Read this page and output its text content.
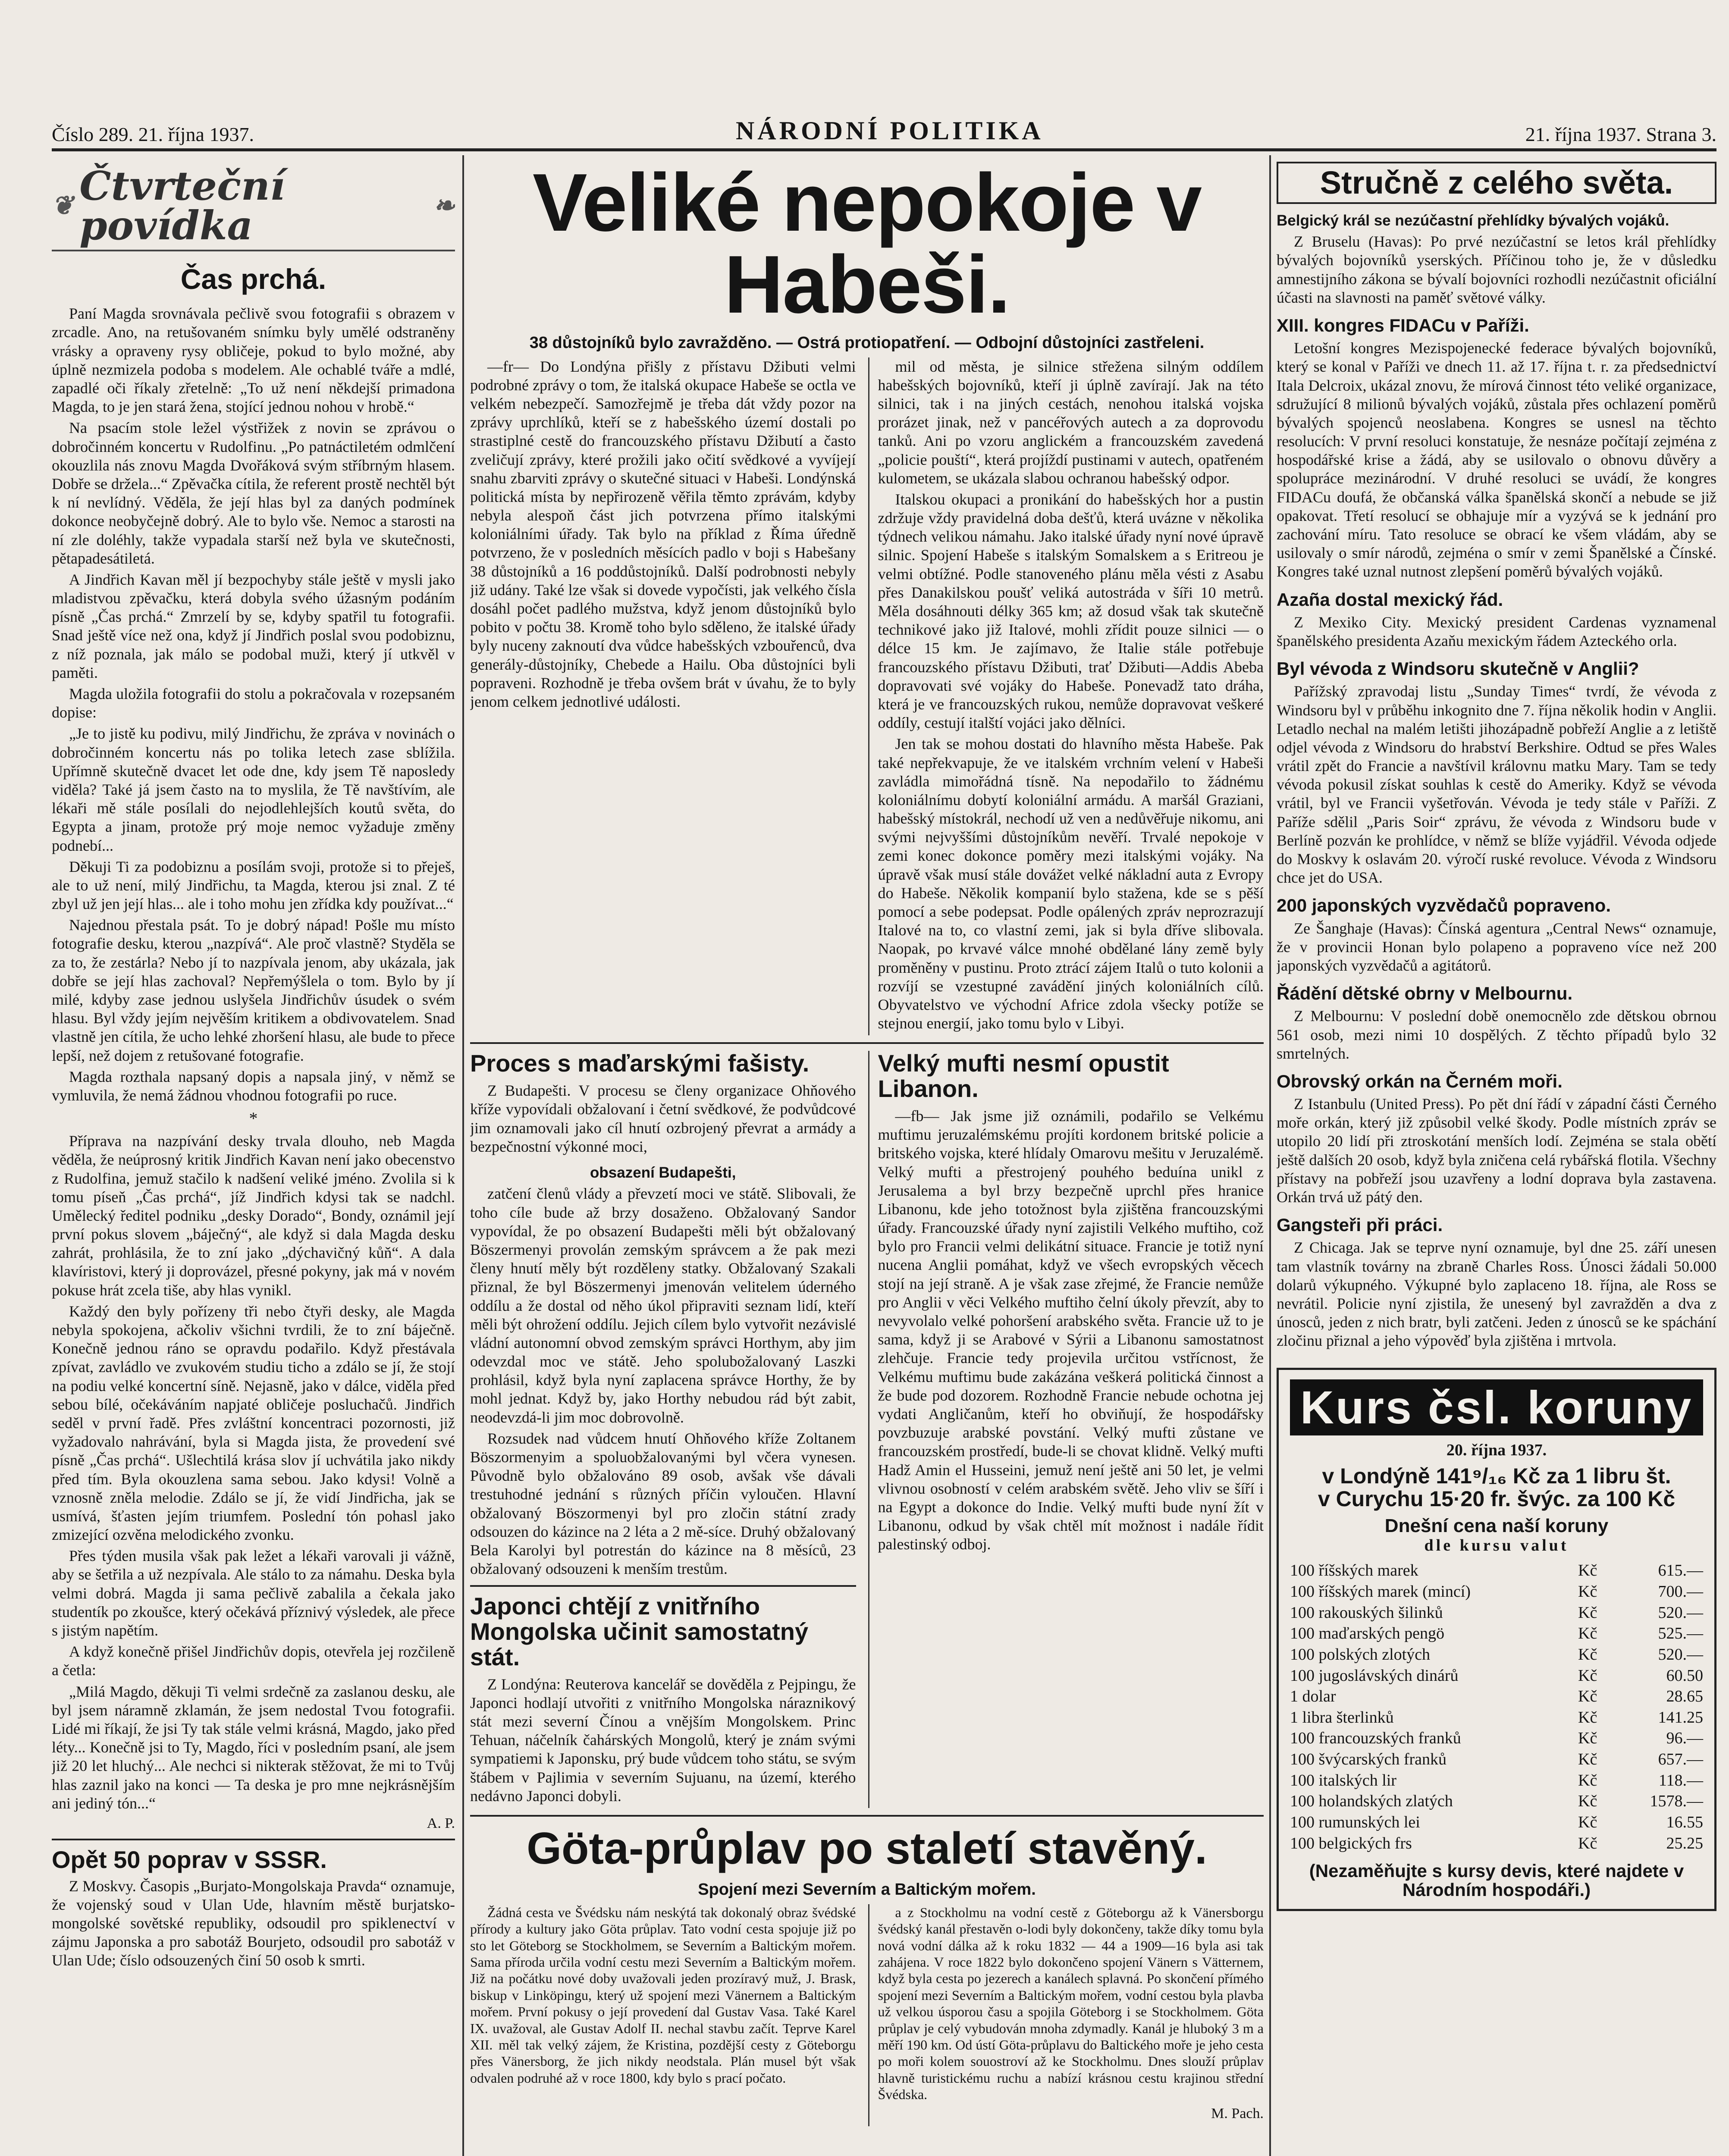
Číslo 289. 21. října 1937.	NÁRODNÍ POLITIKA	21. října 1937. Strana 3.
❦ Čtvrteční povídka	❧
Čas prchá.

Paní Magda srovnávala pečlivě svou fotografii s obrazem v zrcadle. Ano, na retušovaném snímku byly umělé odstraněny vrásky a opraveny rysy obličeje, pokud to bylo možné, aby úplně nezmizela podoba s modelem. Ale ochablé tváře a mdlé, zapadlé oči říkaly zřetelně: „To už není někdejší primadona Magda, to je jen stará žena, stojící jednou nohou v hrobě.“

Na psacím stole ležel výstřižek z novin se zprávou o dobročinném koncertu v Rudolfinu. „Po patnáctiletém odmlčení okouzlila nás znovu Magda Dvořáková svým stříbrným hlasem. Dobře se držela...“ Zpěvačka cítila, že referent prostě nechtěl být k ní nevlídný. Věděla, že její hlas byl za daných podmínek dokonce neobyčejně dobrý. Ale to bylo vše. Nemoc a starosti na ní zle doléhly, takže vypadala starší než byla ve skutečnosti, pětapadesátiletá.

A Jindřich Kavan měl jí bezpochyby stále ještě v mysli jako mladistvou zpěvačku, která dobyla svého úžasným podáním písně „Čas prchá.“ Zmrzelí by se, kdyby spatřil tu fotografii. Snad ještě více než ona, když jí Jindřich poslal svou podobiznu, z níž poznala, jak málo se podobal muži, který jí utkvěl v paměti.

Magda uložila fotografii do stolu a pokračovala v rozepsaném dopise:

„Je to jistě ku podivu, milý Jindřichu, že zpráva v novinách o dobročinném koncertu nás po tolika letech zase sblížila. Upřímně skutečně dvacet let ode dne, kdy jsem Tě naposledy viděla? Také já jsem často na to myslila, že Tě navštívím, ale lékaři mě stále posílali do nejodlehlejších koutů světa, do Egypta a jinam, protože prý moje nemoc vyžaduje změny podnebí...

Děkuji Ti za podobiznu a posílám svoji, protože si to přeješ, ale to už není, milý Jindřichu, ta Magda, kterou jsi znal. Z té zbyl už jen její hlas... ale i toho mohu jen zřídka kdy používat...“

Najednou přestala psát. To je dobrý nápad! Pošle mu místo fotografie desku, kterou „nazpívá“. Ale proč vlastně? Styděla se za to, že zestárla? Nebo jí to nazpívala jenom, aby ukázala, jak dobře se její hlas zachoval? Nepřemýšlela o tom. Bylo by jí milé, kdyby zase jednou uslyšela Jindřichův úsudek o svém hlasu. Byl vždy jejím nejvěším kritikem a obdivovatelem. Snad vlastně jen cítila, že ucho lehké zhoršení hlasu, ale bude to přece lepší, než dojem z retušované fotografie.

Magda rozthala napsaný dopis a napsala jiný, v němž se vymluvila, že nemá žádnou vhodnou fotografii po ruce.

*

Příprava na nazpívání desky trvala dlouho, neb Magda věděla, že neúprosný kritik Jindřich Kavan není jako obecenstvo z Rudolfina, jemuž stačilo k nadšení veliké jméno. Zvolila si k tomu píseň „Čas prchá“, jíž Jindřich kdysi tak se nadchl. Umělecký ředitel podniku „desky Dorado“, Bondy, oznámil její první pokus slovem „báječný“, ale když si dala Magda desku zahrát, prohlásila, že to zní jako „dýchavičný kůň“. A dala klavíristovi, který ji doprovázel, přesné pokyny, jak má v novém pokuse hrát zcela tiše, aby hlas vynikl.

Každý den byly pořízeny tři nebo čtyři desky, ale Magda nebyla spokojena, ačkoliv všichni tvrdili, že to zní báječně. Konečně jednou ráno se opravdu podařilo. Když přestávala zpívat, zavládlo ve zvukovém studiu ticho a zdálo se jí, že stojí na podiu velké koncertní síně. Nejasně, jako v dálce, viděla před sebou bílé, očekáváním napjaté obličeje posluchačů. Jindřich seděl v první řadě. Přes zvláštní koncentraci pozornosti, již vyžadovalo nahrávání, byla si Magda jista, že provedení své písně „Čas prchá“. Ušlechtilá krása slov jí uchvátila jako nikdy před tím. Byla okouzlena sama sebou. Jako kdysi! Volně a vznosně zněla melodie. Zdálo se jí, že vidí Jindřicha, jak se usmívá, šťasten jejím triumfem. Poslední tón pohasl jako zmizející ozvěna melodického zvonku.

Přes týden musila však pak ležet a lékaři varovali ji vážně, aby se šetřila a už nezpívala. Ale stálo to za námahu. Deska byla velmi dobrá. Magda ji sama pečlivě zabalila a čekala jako studentík po zkoušce, který očekává příznivý výsledek, ale přece s jistým napětím.

A když konečně přišel Jindřichův dopis, otevřela jej rozčileně a četla:

„Milá Magdo, děkuji Ti velmi srdečně za zaslanou desku, ale byl jsem náramně zklamán, že jsem nedostal Tvou fotografii. Lidé mi říkají, že jsi Ty tak stále velmi krásná, Magdo, jako před léty... Konečně jsi to Ty, Magdo, říci v posledním psaní, ale jsem již 20 let hluchý... Ale nechci si nikterak stěžovat, že mi to Tvůj hlas zaznil jako na konci — Ta deska je pro mne nejkrásnějším ani jediný tón...“

A. P.
Opět 50 poprav v SSSR.

Z Moskvy. Časopis „Burjato-Mongolskaja Pravda“ oznamuje, že vojenský soud v Ulan Ude, hlavním městě burjatsko-mongolské sovětské republiky, odsoudil pro spiklenectví v zájmu Japonska a pro sabotáž Bourjeto, odsoudil pro sabotáž v Ulan Ude; číslo odsouzených činí 50 osob k smrti.

Veliké nepokoje v Habeši.
38 důstojníků bylo zavražděno. — Ostrá protiopatření. — Odbojní důstojníci zastřeleni.

—fr— Do Londýna přišly z přístavu Džibuti velmi podrobné zprávy o tom, že italská okupace Habeše se octla ve velkém nebezpečí. Samozřejmě je třeba dát vždy pozor na zprávy uprchlíků, kteří se z habešského území dostali po strastiplné cestě do francouzského přístavu Džibutí a často zveličují zprávy, které prožili jako očití svědkové a vyvíjejí snahu zbarviti zprávy o skutečné situaci v Habeši. Londýnská politická místa by nepřirozeně věřila těmto zprávám, kdyby nebyla alespoň část jich potvrzena přímo italskými koloniálními úřady. Tak bylo na příklad z Říma úředně potvrzeno, že v posledních měsících padlo v boji s Habešany 38 důstojníků a 16 poddůstojníků. Další podrobnosti nebyly již udány. Také lze však si dovede vypočísti, jak velkého čísla dosáhl počet padlého mužstva, když jenom důstojníků bylo pobito v počtu 38. Kromě toho bylo sděleno, že italské úřady byly nuceny zaknoutí dva vůdce habešských vzbouřenců, dva generály-důstojníky, Chebede a Hailu. Oba důstojníci byli popraveni. Rozhodně je třeba ovšem brát v úvahu, že to byly jenom celkem jednotlivé události.

mil od města, je silnice střežena silným oddílem habešských bojovníků, kteří ji úplně zavírají. Jak na této silnici, tak i na jiných cestách, nenohou italská vojska prorázet jinak, než v pancéřových autech a za doprovodu tanků. Ani po vzoru anglickém a francouzském zavedená „policie pouští“, která projíždí pustinami v autech, opatřeném kulometem, se ukázala slabou ochranou habešský odpor.

Italskou okupaci a pronikání do habešských hor a pustin zdržuje vždy pravidelná doba dešťů, která uvázne v několika týdnech velikou námahu. Jako italské úřady nyní nové úpravě silnic. Spojení Habeše s italským Somalskem a s Eritreou je velmi obtížné. Podle stanoveného plánu měla vésti z Asabu přes Danakilskou poušť veliká autostráda v šíři 10 metrů. Měla dosáhnouti délky 365 km; až dosud však tak skutečně technikové jako již Italové, mohli zřídit pouze silnici — o délce 15 km. Je zajímavo, že Italie stále potřebuje francouzského přístavu Džibuti, trať Džibuti—Addis Abeba dopravovati své vojáky do Habeše. Ponevadž tato dráha, která je ve francouzských rukou, nemůže dopravovat veškeré oddíly, cestují italští vojáci jako dělníci.

Jen tak se mohou dostati do hlavního města Habeše. Pak také nepřekvapuje, že ve italském vrchním velení v Habeši zavládla mimořádná tísně. Na nepodařilo to žádnému koloniálnímu dobytí koloniální armádu. A maršál Graziani, habešský místokrál, nechodí už ven a nedůvěřuje nikomu, ani svými nejvyššími důstojníkům nevěří. Trvalé nepokoje v zemi konec dokonce poměry mezi italskými vojáky. Na úpravě však musí stále dovážet velké nákladní auta z Evropy do Habeše. Několik kompanií bylo stažena, kde se s pěší pomocí a sebe podepsat. Podle opálených zpráv neprozrazují Italové na to, co vlastní zemi, jak si byla dříve slibovala. Naopak, po krvavé válce mnohé obdělané lány země byly proměněny v pustinu. Proto ztrácí zájem Italů o tuto kolonii a rozvíjí se vzestupné zavádění jiných koloniálních cílů. Obyvatelstvo ve východní Africe zdola všecky potíže se stejnou energií, jako tomu bylo v Libyi.

Proces s maďarskými fašisty.

Z Budapešti. V procesu se členy organizace Ohňového kříže vypovídali obžalovaní i četní svědkové, že podvůdcové jim oznamovali jako cíl hnutí ozbrojený převrat a armády a bezpečnostní výkonné moci,

obsazení Budapešti,

zatčení členů vlády a převzetí moci ve státě. Slibovali, že toho cíle bude až brzy dosaženo. Obžalovaný Sandor vypovídal, že po obsazení Budapešti měli být obžalovaný Böszermenyi provolán zemským správcem a že pak mezi členy hnutí měly být rozděleny statky. Obžalovaný Szakali přiznal, že byl Böszermenyi jmenován velitelem úderného oddílu a že dostal od něho úkol připraviti seznam lidí, kteří měli být ohrožení oddílu. Jejich cílem bylo vytvořit nezávislé vládní autonomní obvod zemským správci Horthym, aby jim odevzdal moc ve státě. Jeho spolubožalovaný Laszki prohlásil, když byla nyní zaplacena správce Horthy, že by mohl jednat. Když by, jako Horthy nebudou rád být zabit, neodevzdá-li jim moc dobrovolně.

Rozsudek nad vůdcem hnutí Ohňového kříže Zoltanem Böszormenyim a spoluobžalovanými byl včera vynesen. Původně bylo obžalováno 89 osob, avšak vše dávali trestuhodné jednání s různých příčin vyloučen. Hlavní obžalovaný Böszormenyi byl pro zločin státní zrady odsouzen do kázince na 2 léta a 2 mě-síce. Druhý obžalovaný Bela Karolyi byl potrestán do kázince na 8 měsíců, 23 obžalovaný odsouzeni k menším trestům.

Japonci chtějí z vnitřního Mongolska učinit samostatný stát.

Z Londýna: Reuterova kancelář se dověděla z Pejpingu, že Japonci hodlají utvořiti z vnitřního Mongolska náraznikový stát mezi severní Čínou a vnějším Mongolskem. Princ Tehuan, náčelník čahárských Mongolů, který je znám svými sympatiemi k Japonsku, prý bude vůdcem toho státu, se svým štábem v Pajlimia v severním Sujuanu, na území, kterého nedávno Japonci dobyli.

Velký mufti nesmí opustit Libanon.

—fb— Jak jsme již oznámili, podařilo se Velkému muftimu jeruzalémskému projíti kordonem britské policie a britského vojska, které hlídaly Omarovu mešitu v Jeruzalémě. Velký mufti a přestrojený pouhého beduína unikl z Jerusalema a byl brzy bezpečně uprchl přes hranice Libanonu, kde jeho totožnost byla zjištěna francouzskými úřady. Francouzské úřady nyní zajistili Velkého muftiho, což bylo pro Francii velmi delikátní situace. Francie je totiž nyní nucena Anglii pomáhat, když ve všech evropských věcech stojí na její straně. A je však zase zřejmé, že Francie nemůže pro Anglii v věci Velkého muftiho čelní úkoly převzít, aby to nevyvolalo velké pohoršení arabského světa. Francie už to je sama, když ji se Arabové v Sýrii a Libanonu samostatnost zlehčuje. Francie tedy projevila určitou vstřícnost, že Velkému muftimu bude zakázána veškerá politická činnost a že bude pod dozorem. Rozhodně Francie nebude ochotna jej vydati Angličanům, kteří ho obviňují, že hospodářsky povzbuzuje arabské povstání. Velký mufti zůstane ve francouzském prostředí, bude-li se chovat klidně. Velký mufti Hadž Amin el Husseini, jemuž není ještě ani 50 let, je velmi vlivnou osobností v celém arabském světě. Jeho vliv se šíří i na Egypt a dokonce do Indie. Velký mufti bude nyní žít v Libanonu, odkud by však chtěl mít možnost i nadále řídit palestinský odboj.

Göta-průplav po staletí stavěný.
Spojení mezi Severním a Baltickým mořem.

Žádná cesta ve Švédsku nám neskýtá tak dokonalý obraz švédské přírody a kultury jako Göta průplav. Tato vodní cesta spojuje již po sto let Göteborg se Stockholmem, se Severním a Baltickým mořem. Sama příroda určila vodní cestu mezi Severním a Baltickým mořem. Již na počátku nové doby uvažovali jeden prozíravý muž, J. Brask, biskup v Linköpingu, který už spojení mezi Vänernem a Baltickým mořem. První pokusy o její provedení dal Gustav Vasa. Také Karel IX. uvažoval, ale Gustav Adolf II. nechal stavbu začít. Teprve Karel XII. měl tak velký zájem, že Kristina, pozdější cesty z Göteborgu přes Vänersborg, že jich nikdy neodstala. Plán musel být však odvalen podruhé až v roce 1800, kdy bylo s prací počato.

a z Stockholmu na vodní cestě z Göteborgu až k Vänersborgu švédský kanál přestavěn o-lodi byly dokončeny, takže díky tomu byla nová vodní dálka až k roku 1832 — 44 a 1909—16 byla asi tak zahájena. V roce 1822 bylo dokončeno spojení Vänern s Vätternem, když byla cesta po jezerech a kanálech splavná. Po skončení přímého spojení mezi Severním a Baltickým mořem, vodní cestou byla plavba už velkou úsporou času a spojila Göteborg i se Stockholmem. Göta průplav je celý vybudován mnoha zdymadly. Kanál je hluboký 3 m a měří 190 km. Od ústí Göta-průplavu do Baltického moře je jeho cesta po moři kolem souostroví až ke Stockholmu. Dnes slouží průplav hlavně turistickému ruchu a nabízí krásnou cestu krajinou střední Švédska.

M. Pach.
Stručně z celého světa.
Belgický král se nezúčastní přehlídky bývalých vojáků.

Z Bruselu (Havas): Po prvé nezúčastní se letos král přehlídky bývalých bojovníků yserských. Příčinou toho je, že v důsledku amnestijního zákona se bývalí bojovníci rozhodli nezúčastnit oficiální účasti na slavnosti na paměť světové války.

XIII. kongres FIDACu v Paříži.

Letošní kongres Mezispojenecké federace bývalých bojovníků, který se konal v Paříži ve dnech 11. až 17. října t. r. za předsednictví Itala Delcroix, ukázal znovu, že mírová činnost této veliké organizace, sdružující 8 milionů bývalých vojáků, zůstala přes ochlazení poměrů bývalých spojenců neoslabena. Kongres se usnesl na těchto resolucích: V první resoluci konstatuje, že nesnáze počítají zejména z hospodářské krise a žádá, aby se usilovalo o obnovu důvěry a spolupráce mezinárodní. V druhé resoluci se uvádí, že kongres FIDACu doufá, že občanská válka španělská skončí a nebude se již opakovat. Třetí resolucí se obhajuje mír a vyzývá se k jednání pro zachování míru. Tato resoluce se obrací ke všem vládám, aby se usilovaly o smír národů, zejména o smír v zemi Španělské a Čínské. Kongres také uznal nutnost zlepšení poměrů bývalých vojáků.

Azaña dostal mexický řád.

Z Mexiko City. Mexický president Cardenas vyznamenal španělského presidenta Azaňu mexickým řádem Azteckého orla.

Byl vévoda z Windsoru skutečně v Anglii?

Pařížský zpravodaj listu „Sunday Times“ tvrdí, že vévoda z Windsoru byl v průběhu inkognito dne 7. října několik hodin v Anglii. Letadlo nechal na malém letišti jihozápadně pobřeží Anglie a z letiště odjel vévoda z Windsoru do hrabství Berkshire. Odtud se přes Wales vrátil zpět do Francie a navštívil královnu matku Mary. Tam se tedy vévoda pokusil získat souhlas k cestě do Ameriky. Když se vévoda vrátil, byl ve Francii vyšetřován. Vévoda je tedy stále v Paříži. Z Paříže sdělil „Paris Soir“ zprávu, že vévoda z Windsoru bude v Berlíně pozván ke prohlídce, v němž se blíže vyjádřil. Vévoda odjede do Moskvy k oslavám 20. výročí ruské revoluce. Vévoda z Windsoru chce jet do USA.

200 japonských vyzvědačů popraveno.

Ze Šanghaje (Havas): Čínská agentura „Central News“ oznamuje, že v provincii Honan bylo polapeno a popraveno více než 200 japonských vyzvědačů a agitátorů.

Řádění dětské obrny v Melbournu.

Z Melbournu: V poslední době onemocnělo zde dětskou obrnou 561 osob, mezi nimi 10 dospělých. Z těchto případů bylo 32 smrtelných.

Obrovský orkán na Černém moři.

Z Istanbulu (United Press). Po pět dní řádí v západní části Černého moře orkán, který již způsobil velké škody. Podle místních zpráv se utopilo 20 lidí při ztroskotání menších lodí. Zejména se stala obětí ještě dalších 20 osob, když byla zničena celá rybářská flotila. Všechny přístavy na pobřeží jsou uzavřeny a lodní doprava byla zastavena. Orkán trvá už pátý den.

Gangsteři při práci.

Z Chicaga. Jak se teprve nyní oznamuje, byl dne 25. září unesen tam vlastník továrny na zbraně Charles Ross. Únosci žádali 50.000 dolarů výkupného. Výkupné bylo zaplaceno 18. října, ale Ross se nevrátil. Policie nyní zjistila, že unesený byl zavražděn a dva z únosců, jeden z nich bratr, byli zatčeni. Jeden z únosců se ke spáchání zločinu přiznal a jeho výpověď byla zjištěna i mrtvola.

Kurs čsl. koruny
20. října 1937.
v Londýně 141⁹/₁₆ Kč za 1 libru št.
v Curychu 15·20 fr. švýc. za 100 Kč
Dnešní cena naší koruny
dle kursu valut
100 říšských marek	Kč	615.—
100 říšských marek (mincí)	Kč	700.—
100 rakouských šilinků	Kč	520.—
100 maďarských pengö	Kč	525.—
100 polských zlotých	Kč	520.—
100 jugoslávských dinárů	Kč	60.50
1 dolar	Kč	28.65
1 libra šterlinků	Kč	141.25
100 francouzských franků	Kč	96.—
100 švýcarských franků	Kč	657.—
100 italských lir	Kč	118.—
100 holandských zlatých	Kč	1578.—
100 rumunských lei	Kč	16.55
100 belgických frs	Kč	25.25
(Nezaměňujte s kursy devis, které najdete v Národním hospodáři.)
